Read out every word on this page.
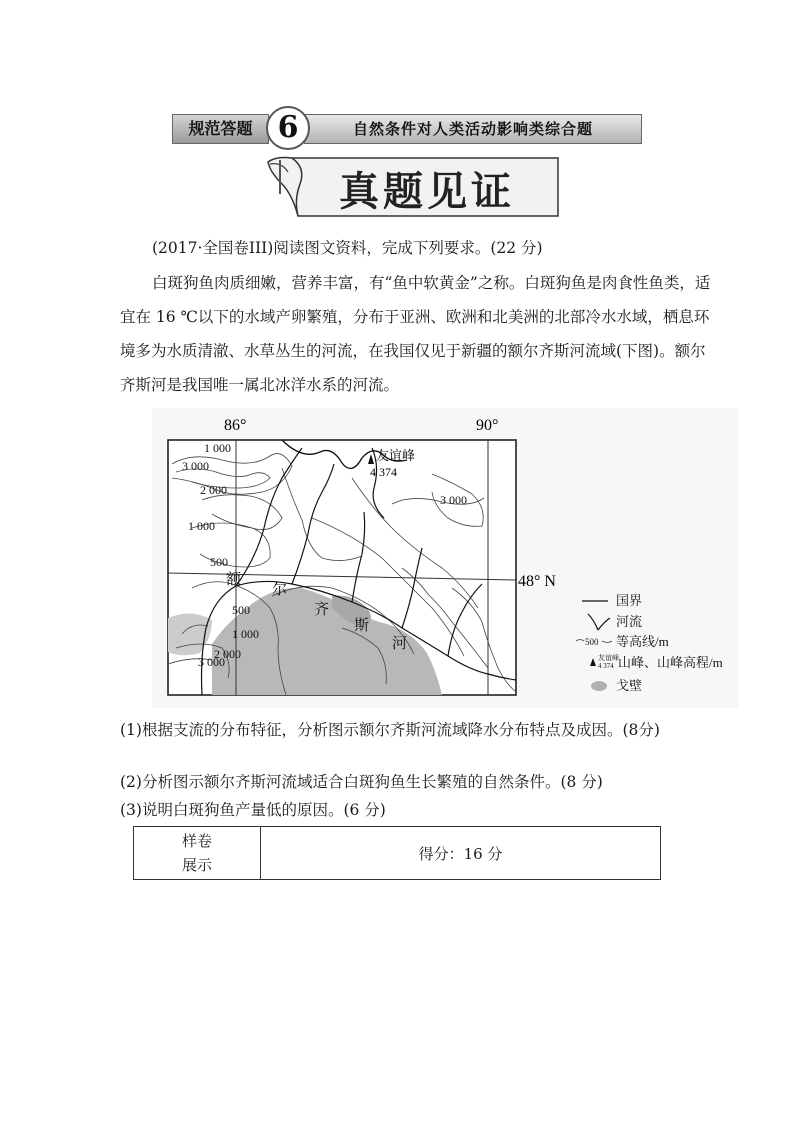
规范答题 6	自然条件对人类活动影响类综合题
真题见证
(2017·全国卷III)阅读图文资料，完成下列要求。(22 分)
白斑狗鱼肉质细嫩，营养丰富，有“鱼中软黄金”之称。白斑狗鱼是肉食性鱼类，适宜在 16 ℃以下的水域产卵繁殖，分布于亚洲、欧洲和北美洲的北部冷水水域，栖息环境多为水质清澈、水草丛生的河流，在我国仅见于新疆的额尔齐斯河流域(下图)。额尔齐斯河是我国唯一属北冰洋水系的河流。
友谊峰
4 374
86°	90°
48° N
1 000
3 000
2 000
1 000
500
500
1 000
2 000
3 000
3 000
额
尔
齐
斯
河
国界
河流
500 等高线/m
友谊峰
4 374 山峰、山峰高程/m
戈壁
(1)根据支流的分布特征，分析图示额尔齐斯河流域降水分布特点及成因。(8分)
(2)分析图示额尔齐斯河流域适合白斑狗鱼生长繁殖的自然条件。(8 分)
(3)说明白斑狗鱼产量低的原因。(6 分)
样卷
展示
	得分：16 分
